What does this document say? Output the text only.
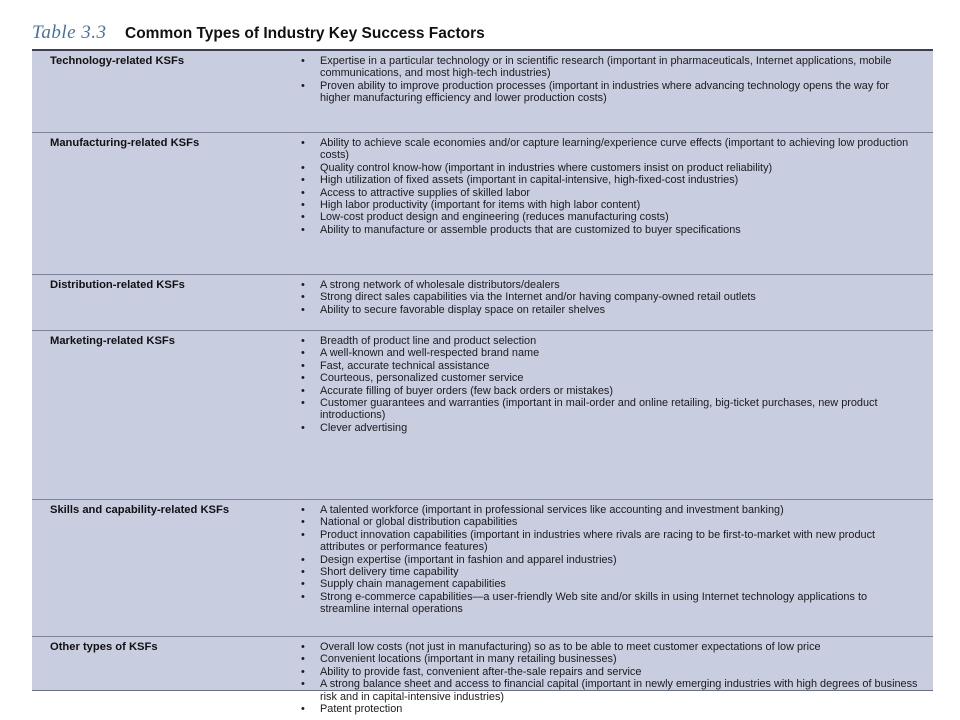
Table 3.3 Common Types of Industry Key Success Factors
Technology-related KSFs	• Expertise in a particular technology or in scientific research (important in pharmaceuticals, Internet applications, mobile communications, and most high-tech industries)
• Proven ability to improve production processes (important in industries where advancing technology opens the way for higher manufacturing efficiency and lower production costs)
Manufacturing-related KSFs	• Ability to achieve scale economies and/or capture learning/experience curve effects (important to achieving low production costs)
• Quality control know-how (important in industries where customers insist on product reliability)
• High utilization of fixed assets (important in capital-intensive, high-fixed-cost industries)
• Access to attractive supplies of skilled labor
• High labor productivity (important for items with high labor content)
• Low-cost product design and engineering (reduces manufacturing costs)
• Ability to manufacture or assemble products that are customized to buyer specifications
Distribution-related KSFs	• A strong network of wholesale distributors/dealers
• Strong direct sales capabilities via the Internet and/or having company-owned retail outlets
• Ability to secure favorable display space on retailer shelves
Marketing-related KSFs	• Breadth of product line and product selection
• A well-known and well-respected brand name
• Fast, accurate technical assistance
• Courteous, personalized customer service
• Accurate filling of buyer orders (few back orders or mistakes)
• Customer guarantees and warranties (important in mail-order and online retailing, big-ticket purchases, new product introductions)
• Clever advertising
Skills and capability-related KSFs	• A talented workforce (important in professional services like accounting and investment banking)
• National or global distribution capabilities
• Product innovation capabilities (important in industries where rivals are racing to be first-to-market with new product attributes or performance features)
• Design expertise (important in fashion and apparel industries)
• Short delivery time capability
• Supply chain management capabilities
• Strong e-commerce capabilities—a user-friendly Web site and/or skills in using Internet technology applications to streamline internal operations
Other types of KSFs	• Overall low costs (not just in manufacturing) so as to be able to meet customer expectations of low price
• Convenient locations (important in many retailing businesses)
• Ability to provide fast, convenient after-the-sale repairs and service
• A strong balance sheet and access to financial capital (important in newly emerging industries with high degrees of business risk and in capital-intensive industries)
• Patent protection
